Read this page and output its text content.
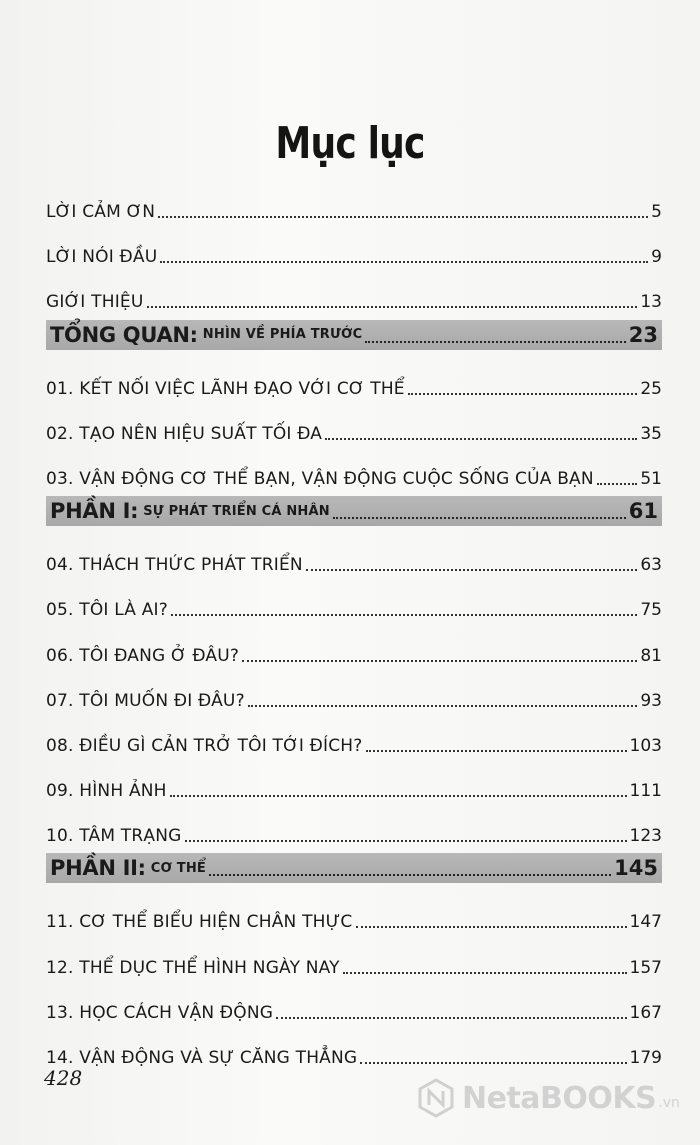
Mục lục
LỜI CẢM ƠN	5
LỜI NÓI ĐẦU	9
GIỚI THIỆU	13
TỔNG QUAN: NHÌN VỀ PHÍA TRƯỚC	23
01. KẾT NỐI VIỆC LÃNH ĐẠO VỚI CƠ THỂ	25
02. TẠO NÊN HIỆU SUẤT TỐI ĐA	35
03. VẬN ĐỘNG CƠ THỂ BẠN, VẬN ĐỘNG CUỘC SỐNG CỦA BẠN	51
PHẦN I: SỰ PHÁT TRIỂN CÁ NHÂN	61
04. THÁCH THỨC PHÁT TRIỂN	63
05. TÔI LÀ AI?	75
06. TÔI ĐANG Ở ĐÂU?	81
07. TÔI MUỐN ĐI ĐÂU?	93
08. ĐIỀU GÌ CẢN TRỞ TÔI TỚI ĐÍCH?	103
09. HÌNH ẢNH	111
10. TÂM TRẠNG	123
PHẦN II: CƠ THỂ	145
11. CƠ THỂ BIỂU HIỆN CHÂN THỰC	147
12. THỂ DỤC THỂ HÌNH NGÀY NAY	157
13. HỌC CÁCH VẬN ĐỘNG	167
14. VẬN ĐỘNG VÀ SỰ CĂNG THẲNG	179
428
NetaBOOKS .vn
